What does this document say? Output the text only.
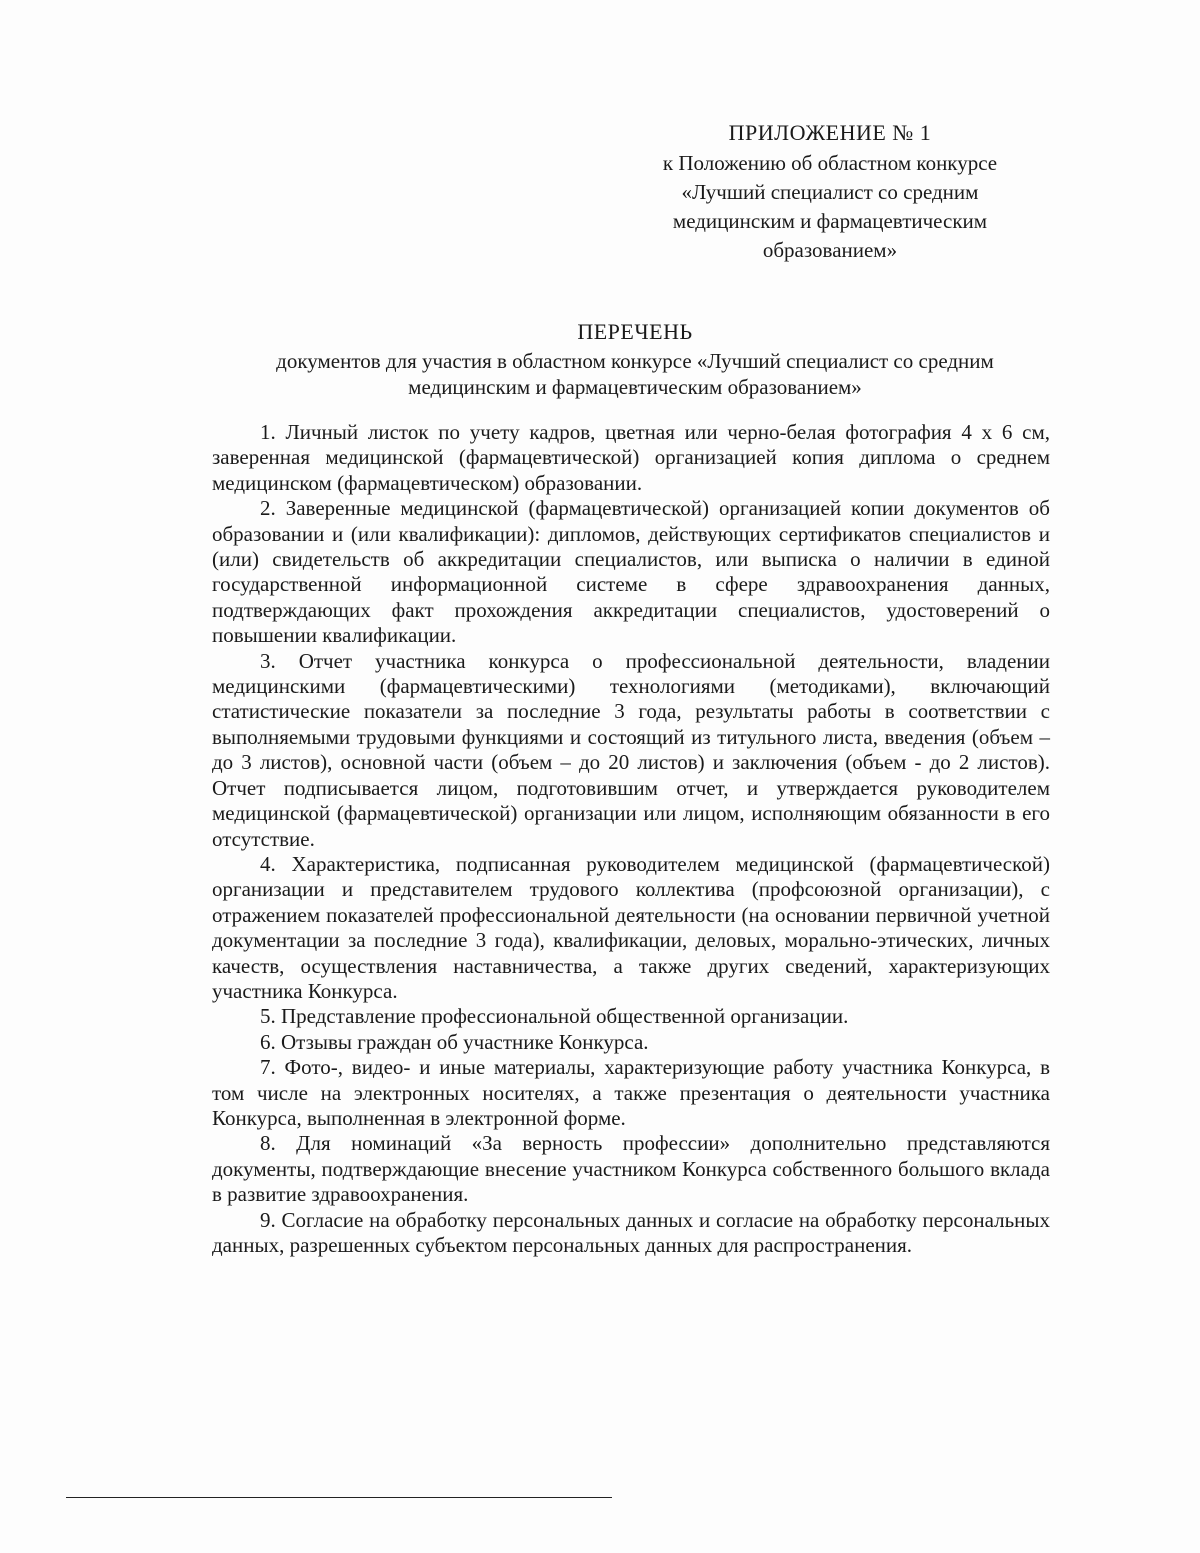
ПРИЛОЖЕНИЕ № 1
к Положению об областном конкурсе
«Лучший специалист со средним
медицинским и фармацевтическим
образованием»
ПЕРЕЧЕНЬ
документов для участия в областном конкурсе «Лучший специалист со средним медицинским и фармацевтическим образованием»

1. Личный листок по учету кадров, цветная или черно-белая фотография 4 х 6 см, заверенная медицинской (фармацевтической) организацией копия диплома о среднем медицинском (фармацевтическом) образовании.

2. Заверенные медицинской (фармацевтической) организацией копии документов об образовании и (или квалификации): дипломов, действующих сертификатов специалистов и (или) свидетельств об аккредитации специалистов, или выписка о наличии в единой государственной информационной системе в сфере здравоохранения данных, подтверждающих факт прохождения аккредитации специалистов, удостоверений о повышении квалификации.

3. Отчет участника конкурса о профессиональной деятельности, владении медицинскими (фармацевтическими) технологиями (методиками), включающий статистические показатели за последние 3 года, результаты работы в соответствии с выполняемыми трудовыми функциями и состоящий из титульного листа, введения (объем – до 3 листов), основной части (объем – до 20 листов) и заключения (объем - до 2 листов). Отчет подписывается лицом, подготовившим отчет, и утверждается руководителем медицинской (фармацевтической) организации или лицом, исполняющим обязанности в его отсутствие.

4. Характеристика, подписанная руководителем медицинской (фармацевтической) организации и представителем трудового коллектива (профсоюзной организации), с отражением показателей профессиональной деятельности (на основании первичной учетной документации за последние 3 года), квалификации, деловых, морально-этических, личных качеств, осуществления наставничества, а также других сведений, характеризующих участника Конкурса.

5. Представление профессиональной общественной организации.

6. Отзывы граждан об участнике Конкурса.

7. Фото-, видео- и иные материалы, характеризующие работу участника Конкурса, в том числе на электронных носителях, а также презентация о деятельности участника Конкурса, выполненная в электронной форме.

8. Для номинаций «За верность профессии» дополнительно представляются документы, подтверждающие внесение участником Конкурса собственного большого вклада в развитие здравоохранения.

9. Согласие на обработку персональных данных и согласие на обработку персональных данных, разрешенных субъектом персональных данных для распространения.
